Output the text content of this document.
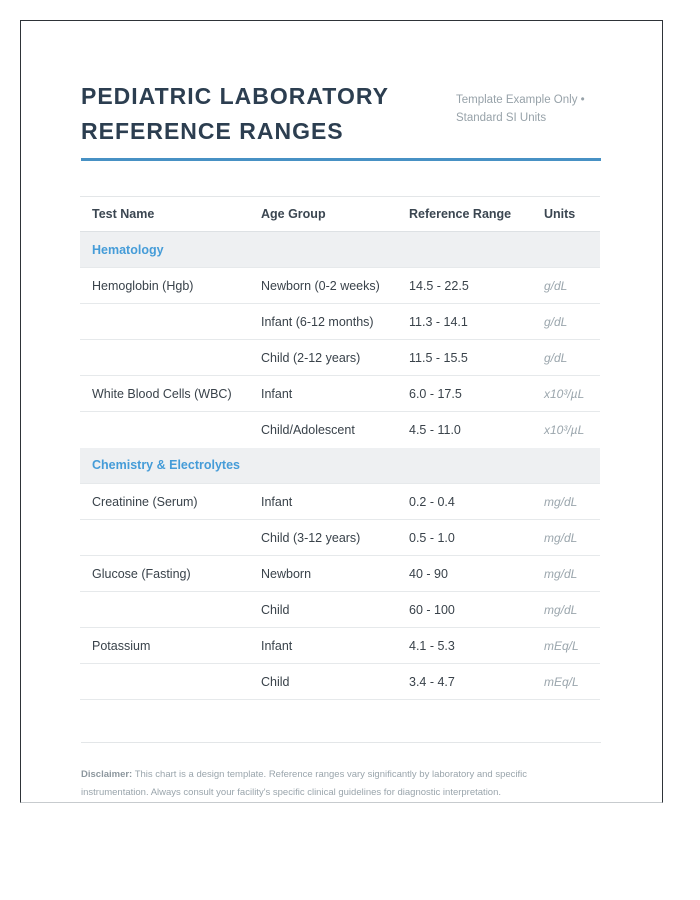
PEDIATRIC LABORATORY REFERENCE RANGES
Template Example Only • Standard SI Units
Test Name	Age Group	Reference Range	Units
Hematology			
Hemoglobin (Hgb)	Newborn (0-2 weeks)	14.5 - 22.5	g/dL
	Infant (6-12 months)	11.3 - 14.1	g/dL
	Child (2-12 years)	11.5 - 15.5	g/dL
White Blood Cells (WBC)	Infant	6.0 - 17.5	x10³/µL
	Child/Adolescent	4.5 - 11.0	x10³/µL
Chemistry & Electrolytes			
Creatinine (Serum)	Infant	0.2 - 0.4	mg/dL
	Child (3-12 years)	0.5 - 1.0	mg/dL
Glucose (Fasting)	Newborn	40 - 90	mg/dL
	Child	60 - 100	mg/dL
Potassium	Infant	4.1 - 5.3	mEq/L
	Child	3.4 - 4.7	mEq/L

Disclaimer: This chart is a design template. Reference ranges vary significantly by laboratory and specific instrumentation. Always consult your facility's specific clinical guidelines for diagnostic interpretation.
